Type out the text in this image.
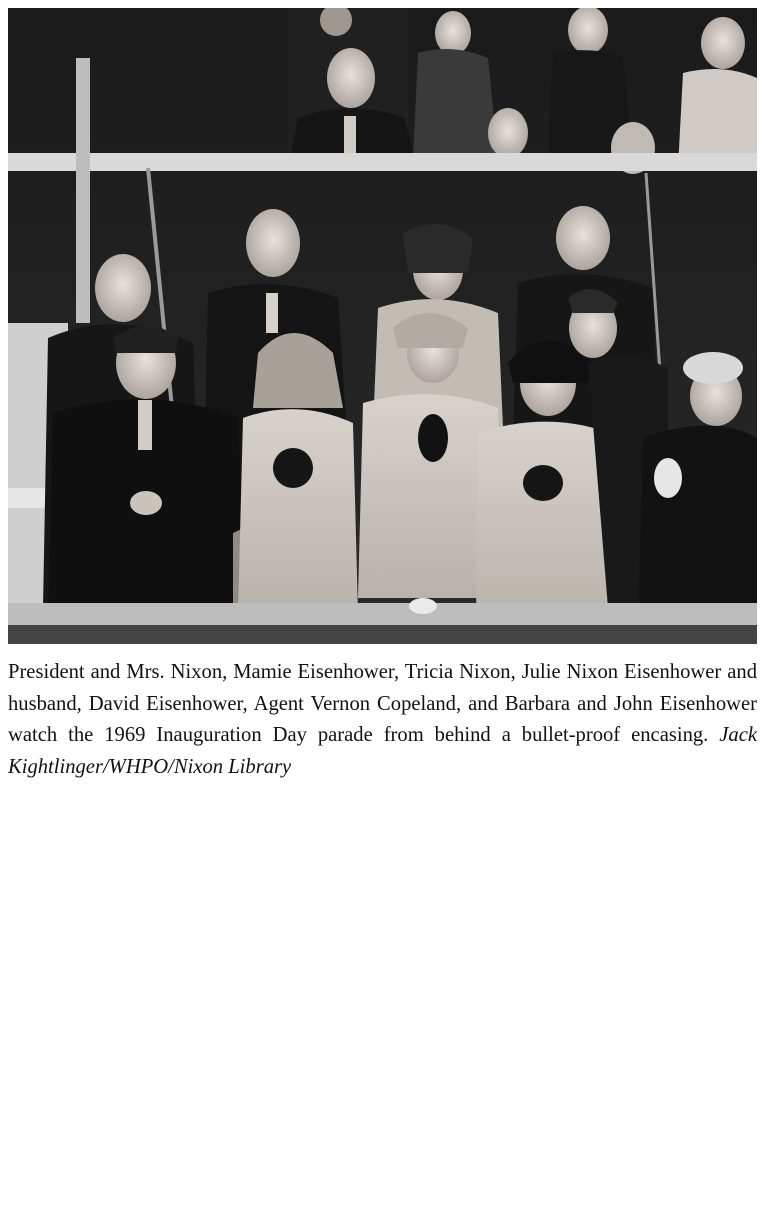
President and Mrs. Nixon, Mamie Eisenhower, Tricia Nixon, Julie Nixon Eisenhower and husband, David Eisenhower, Agent Vernon Copeland, and Barbara and John Eisenhower watch the 1969 Inauguration Day parade from behind a bullet-proof encasing. Jack Kightlinger/WHPO/Nixon Library
